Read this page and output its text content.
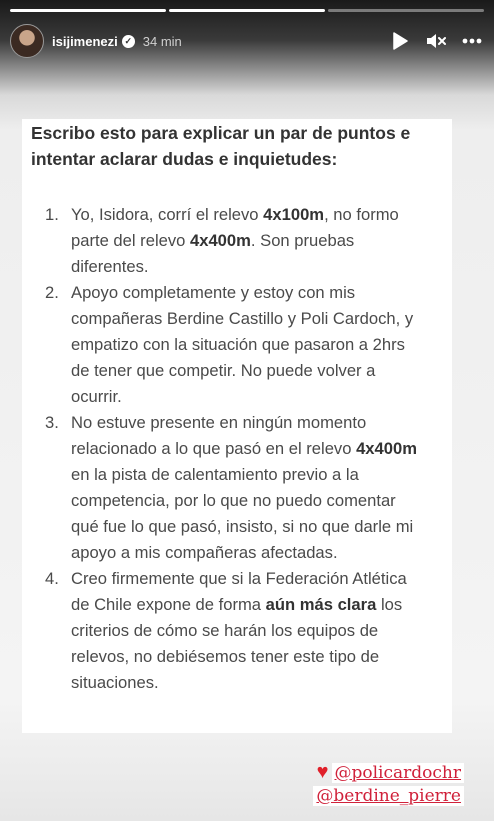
isijimenezi ✓ 34 min

Escribo esto para explicar un par de puntos e intentar aclarar dudas e inquietudes:

1. Yo, Isidora, corrí el relevo 4x100m, no formo parte del relevo 4x400m. Son pruebas diferentes.
2. Apoyo completamente y estoy con mis compañeras Berdine Castillo y Poli Cardoch, y empatizo con la situación que pasaron a 2hrs de tener que competir. No puede volver a ocurrir.
3. No estuve presente en ningún momento relacionado a lo que pasó en el relevo 4x400m en la pista de calentamiento previo a la competencia, por lo que no puedo comentar qué fue lo que pasó, insisto, si no que darle mi apoyo a mis compañeras afectadas.
4. Creo firmemente que si la Federación Atlética de Chile expone de forma aún más clara los criterios de cómo se harán los equipos de relevos, no debiésemos tener este tipo de situaciones.
♥ @policardochr
@berdine_pierre
